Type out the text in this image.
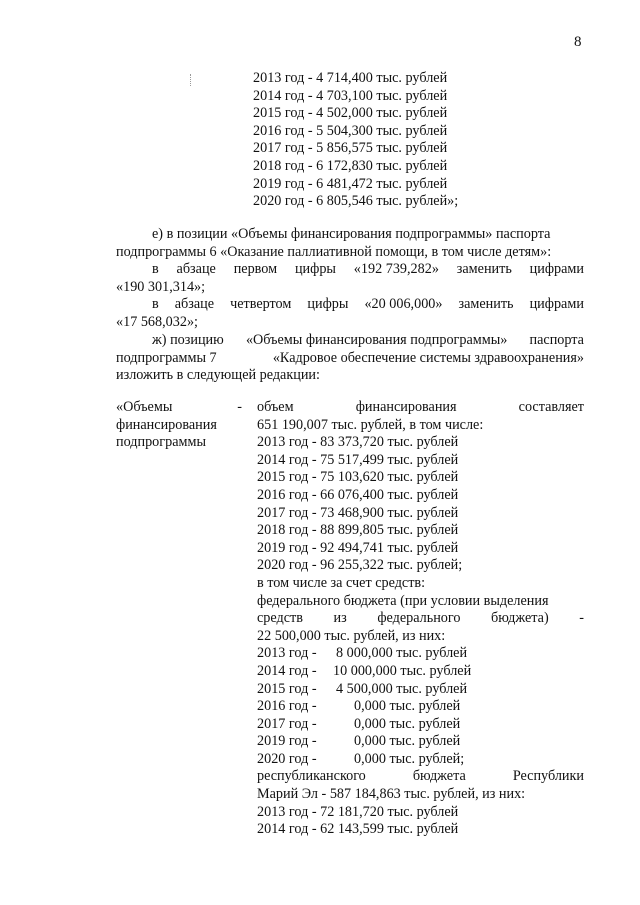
8
2013 год - 4 714,400 тыс. рублей
2014 год - 4 703,100 тыс. рублей
2015 год - 4 502,000 тыс. рублей
2016 год - 5 504,300 тыс. рублей
2017 год - 5 856,575 тыс. рублей
2018 год - 6 172,830 тыс. рублей
2019 год - 6 481,472 тыс. рублей
2020 год - 6 805,546 тыс. рублей»;
е) в позиции «Объемы финансирования подпрограммы» паспорта
подпрограммы 6 «Оказание паллиативной помощи, в том числе детям»:
в абзаце первом цифры «192 739,282» заменить цифрами
«190 301,314»;
в абзаце четвертом цифры «20 006,000» заменить цифрами
«17 568,032»;
ж) позицию «Объемы финансирования подпрограммы» паспорта
подпрограммы 7	«Кадровое обеспечение системы здравоохранения»
изложить в следующей редакции:
«Объемы	-
финансирования
подпрограммы
объем	финансирования	составляет
651 190,007 тыс. рублей, в том числе:
2013 год - 83 373,720 тыс. рублей
2014 год - 75 517,499 тыс. рублей
2015 год - 75 103,620 тыс. рублей
2016 год - 66 076,400 тыс. рублей
2017 год - 73 468,900 тыс. рублей
2018 год - 88 899,805 тыс. рублей
2019 год - 92 494,741 тыс. рублей
2020 год - 96 255,322 тыс. рублей;
в том числе за счет средств:
федерального бюджета (при условии выделения
средств из федерального бюджета) -
22 500,000 тыс. рублей, из них:
2013 год -	8 000,000 тыс. рублей
2014 год -	10 000,000 тыс. рублей
2015 год -	4 500,000 тыс. рублей
2016 год -	0,000 тыс. рублей
2017 год -	0,000 тыс. рублей
2019 год -	0,000 тыс. рублей
2020 год -	0,000 тыс. рублей;
республиканского	бюджета	Республики
Марий Эл - 587 184,863 тыс. рублей, из них:
2013 год - 72 181,720 тыс. рублей
2014 год - 62 143,599 тыс. рублей
